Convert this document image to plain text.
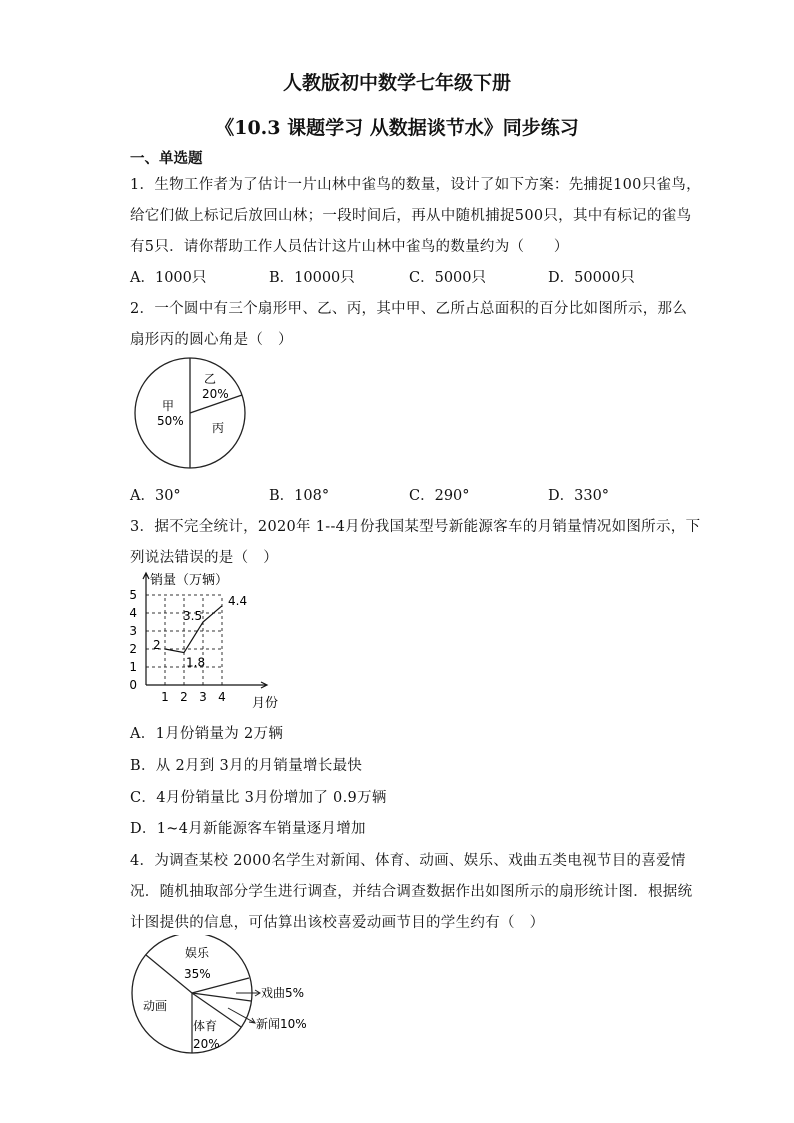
人教版初中数学七年级下册
《10.3 课题学习 从数据谈节水》同步练习
一、单选题
1．生物工作者为了估计一片山林中雀鸟的数量，设计了如下方案：先捕捉100只雀鸟，
给它们做上标记后放回山林；一段时间后，再从中随机捕捉500只，其中有标记的雀鸟
有5只．请你帮助工作人员估计这片山林中雀鸟的数量约为（　　）
A．1000只	B．10000只	C．5000只	D．50000只
2．一个圆中有三个扇形甲、乙、丙，其中甲、乙所占总面积的百分比如图所示，那么
扇形丙的圆心角是（　）
乙
20%
甲
50% 丙
A．30°	B．108°	C．290°	D．330°
3．据不完全统计，2020年 1--4月份我国某型号新能源客车的月销量情况如图所示，下
列说法错误的是（　）
销量（万辆）
月份
0
1
2
3
4
5
1 2 3 4
2
1.8
3.5
4.4
A．1月份销量为 2万辆
B．从 2月到 3月的月销量增长最快
C．4月份销量比 3月份增加了 0.9万辆
D．1~4月新能源客车销量逐月增加
4．为调查某校 2000名学生对新闻、体育、动画、娱乐、戏曲五类电视节目的喜爱情
况．随机抽取部分学生进行调查，并结合调查数据作出如图所示的扇形统计图．根据统
计图提供的信息，可估算出该校喜爱动画节目的学生约有（　）
娱乐
35%
动画
体育
20%
戏曲5%
新闻10%
